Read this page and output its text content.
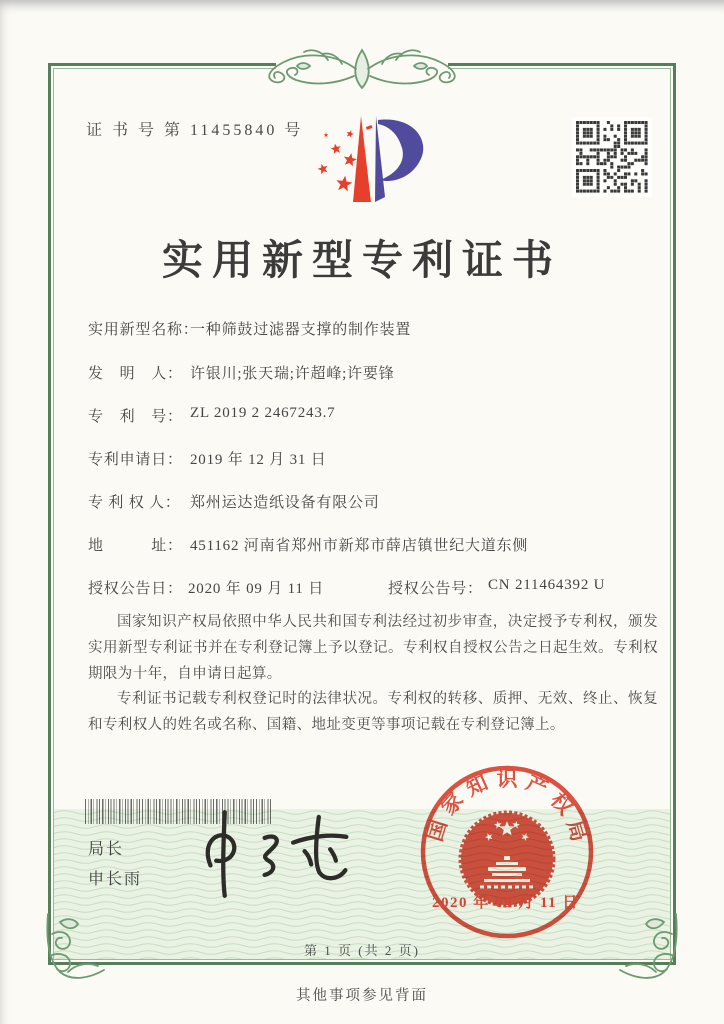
证 书 号 第 11455840 号
实用新型专利证书
实用新型名称：
一种筛鼓过滤器支撑的制作装置
发　明　人： 许银川;张天瑞;许超峰;许要锋
专　利　号： ZL 2019 2 2467243.7
专利申请日： 2019 年 12 月 31 日
专 利 权 人： 郑州运达造纸设备有限公司
地　　　址： 451162 河南省郑州市新郑市薛店镇世纪大道东侧
授权公告日： 2020 年 09 月 11 日	授权公告号： CN 211464392 U

国家知识产权局依照中华人民共和国专利法经过初步审查，决定授予专利权，颁发实用新型专利证书并在专利登记簿上予以登记。专利权自授权公告之日起生效。专利权期限为十年，自申请日起算。

专利证书记载专利权登记时的法律状况。专利权的转移、质押、无效、终止、恢复和专利权人的姓名或名称、国籍、地址变更等事项记载在专利登记簿上。

局长
申长雨
国
家
知 识 产
权
局
2020 年 09 月 11 日
第 1 页 (共 2 页)
其他事项参见背面
